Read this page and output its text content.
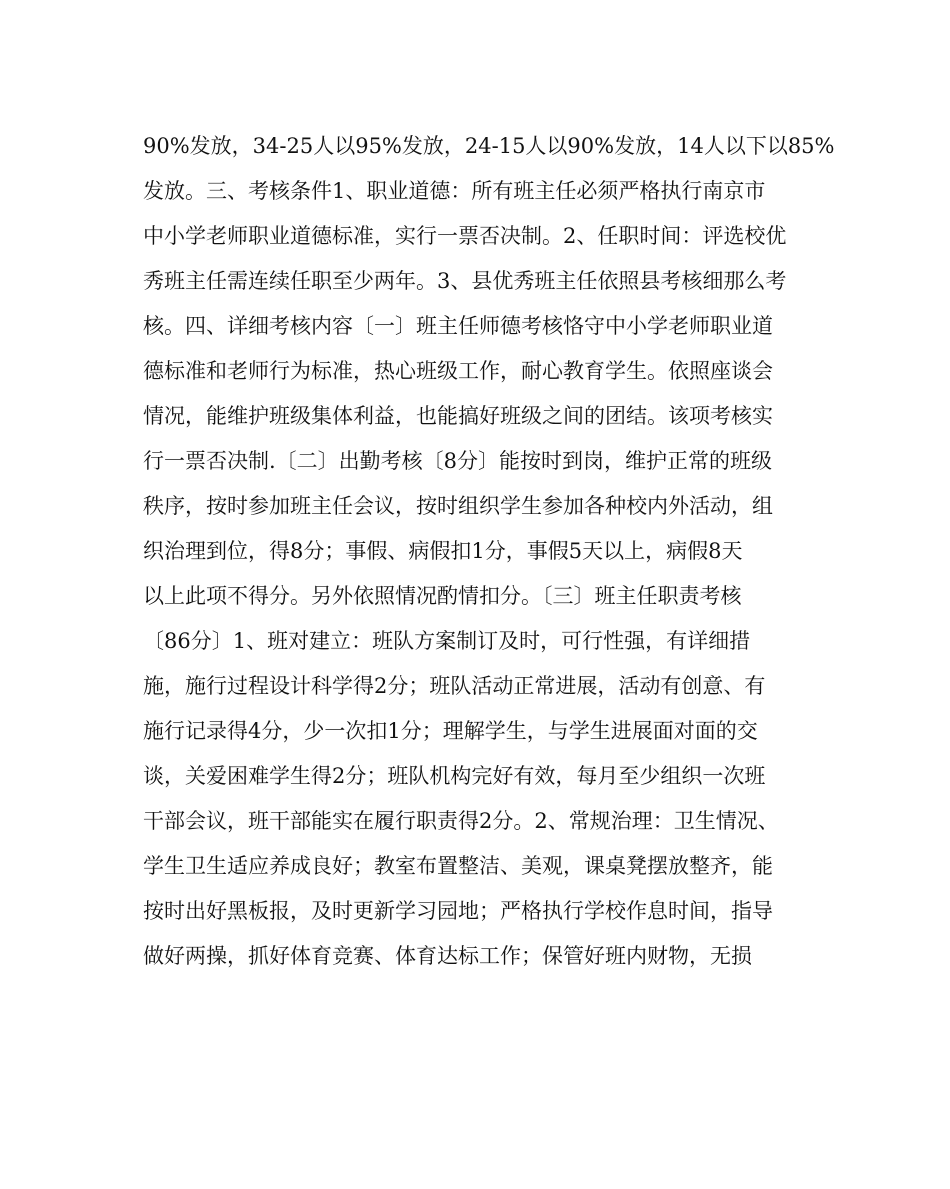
90%发放，34-25人以95%发放，24-15人以90%发放，14人以下以85%
发放。三、考核条件1、职业道德：所有班主任必须严格执行南京市
中小学老师职业道德标准，实行一票否决制。2、任职时间：评选校优
秀班主任需连续任职至少两年。3、县优秀班主任依照县考核细那么考
核。四、详细考核内容〔一〕班主任师德考核恪守中小学老师职业道
德标准和老师行为标准，热心班级工作，耐心教育学生。依照座谈会
情况，能维护班级集体利益，也能搞好班级之间的团结。该项考核实
行一票否决制.〔二〕出勤考核〔8分〕能按时到岗，维护正常的班级
秩序，按时参加班主任会议，按时组织学生参加各种校内外活动，组
织治理到位，得8分；事假、病假扣1分，事假5天以上，病假8天
以上此项不得分。另外依照情况酌情扣分。〔三〕班主任职责考核
〔86分〕1、班对建立：班队方案制订及时，可行性强，有详细措
施，施行过程设计科学得2分；班队活动正常进展，活动有创意、有
施行记录得4分，少一次扣1分；理解学生，与学生进展面对面的交
谈，关爱困难学生得2分；班队机构完好有效，每月至少组织一次班
干部会议，班干部能实在履行职责得2分。2、常规治理：卫生情况、
学生卫生适应养成良好；教室布置整洁、美观，课桌凳摆放整齐，能
按时出好黑板报，及时更新学习园地；严格执行学校作息时间，指导
做好两操，抓好体育竞赛、体育达标工作；保管好班内财物，无损
